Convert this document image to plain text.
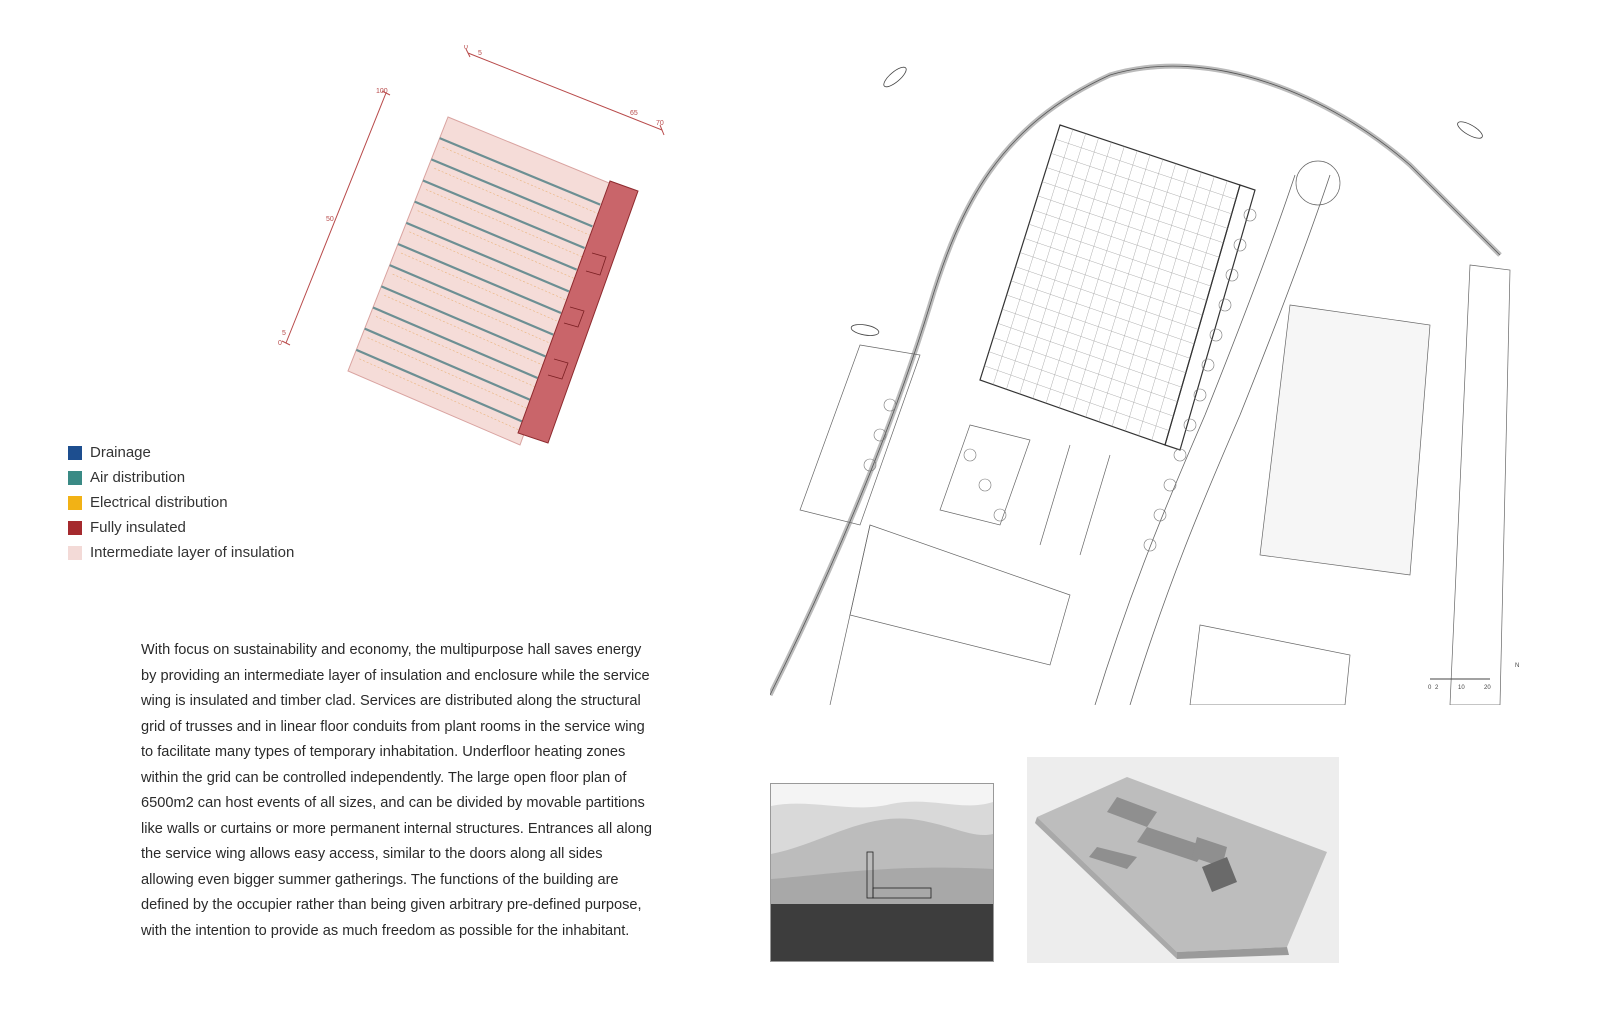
0
5
65
70
100
50
5
0
Drainage
Air distribution
Electrical distribution
Fully insulated
Intermediate layer of insulation

With focus on sustainability and economy, the multipurpose hall saves energy
by providing an intermediate layer of insulation and enclosure while the service
wing is insulated and timber clad. Services are distributed along the structural
grid of trusses and in linear floor conduits from plant rooms in the service wing
to facilitate many types of temporary inhabitation. Underfloor heating zones
within the grid can be controlled independently. The large open floor plan of
6500m2 can host events of all sizes, and can be divided by movable partitions
like walls or curtains or more permanent internal structures. Entrances all along
the service wing allows easy access, similar to the doors along all sides
allowing even bigger summer gatherings. The functions of the building are
defined by the occupier rather than being given arbitrary pre-defined purpose,
with the intention to provide as much freedom as possible for the inhabitant.

0 2	10	20
N
